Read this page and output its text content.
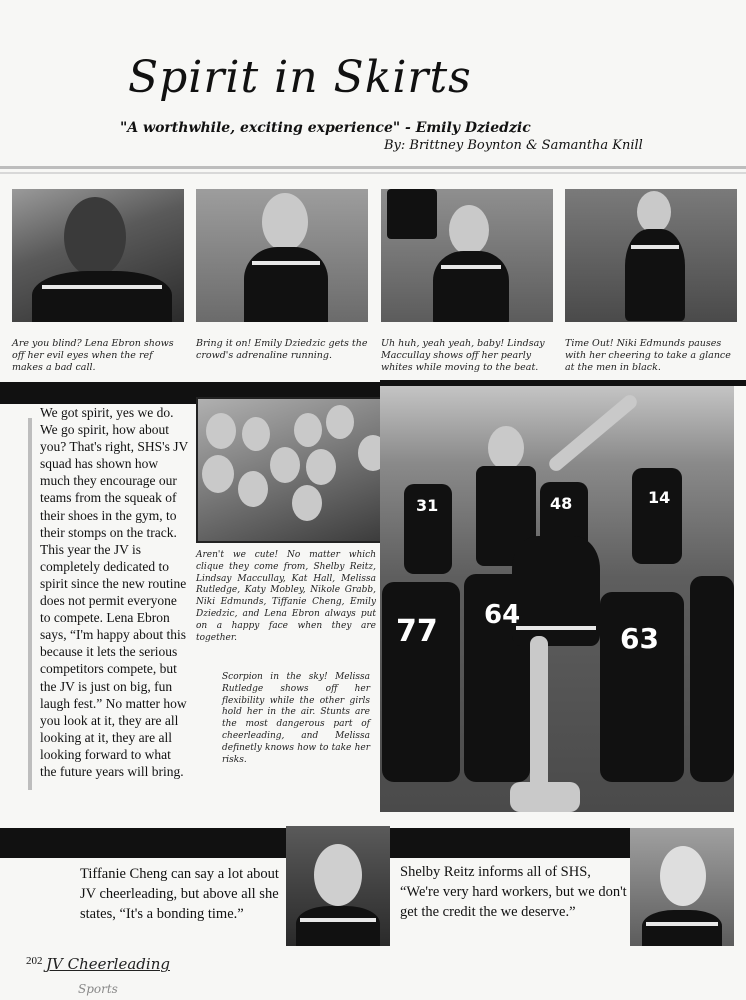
Spirit in Skirts
"A worthwhile, exciting experience" - Emily Dziedzic
By: Brittney Boynton & Samantha Knill
Are you blind? Lena Ebron shows off her evil eyes when the ref makes a bad call.
Bring it on! Emily Dziedzic gets the crowd's adrenaline running.
Uh huh, yeah yeah, baby! Lindsay Maccullay shows off her pearly whites while moving to the beat.
Time Out! Niki Edmunds pauses with her cheering to take a glance at the men in black.
We got spirit, yes we do. We go spirit, how about you? That's right, SHS's JV squad has shown how much they encourage our teams from the squeak of their shoes in the gym, to their stomps on the track. This year the JV is completely dedicated to spirit since the new routine does not permit everyone to compete. Lena Ebron says, “I'm happy about this because it lets the serious competitors compete, but the JV is just on big, fun laugh fest.” No matter how you look at it, they are all looking at it, they are all looking forward to what the future years will bring.
Aren't we cute! No matter which clique they come from, Shelby Reitz, Lindsay Maccullay, Kat Hall, Melissa Rutledge, Katy Mobley, Nikole Grabb, Niki Edmunds, Tiffanie Cheng, Emily Dziedzic, and Lena Ebron always put on a happy face when they are together.
Scorpion in the sky! Melissa Rutledge shows off her flexibility while the other girls hold her in the air. Stunts are the most dangerous part of cheerleading, and Melissa definetly knows how to take her risks.
31	48	14
77 64
63
Tiffanie Cheng can say a lot about JV cheerleading, but above all she states, “It's a bonding time.”
Shelby Reitz informs all of SHS, “We're very hard workers, but we don't get the credit the we deserve.”
202 JV Cheerleading
Sports
